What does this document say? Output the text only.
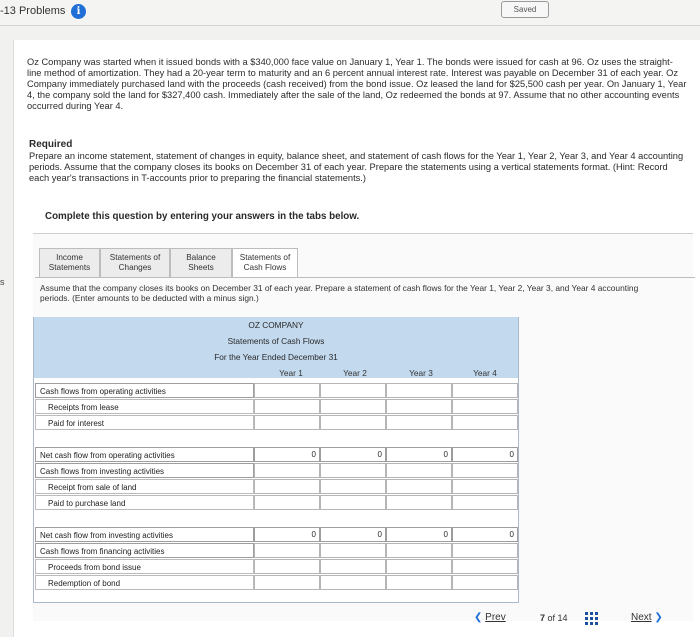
-13 Problems	i	Saved
s

Oz Company was started when it issued bonds with a $340,000 face value on January 1, Year 1. The bonds were issued for cash at 96. Oz uses the straight-line method of amortization. They had a 20-year term to maturity and an 6 percent annual interest rate. Interest was payable on December 31 of each year. Oz Company immediately purchased land with the proceeds (cash received) from the bond issue. Oz leased the land for $25,500 cash per year. On January 1, Year 4, the company sold the land for $327,400 cash. Immediately after the sale of the land, Oz redeemed the bonds at 97. Assume that no other accounting events occurred during Year 4.

Required

Prepare an income statement, statement of changes in equity, balance sheet, and statement of cash flows for the Year 1, Year 2, Year 3, and Year 4 accounting periods. Assume that the company closes its books on December 31 of each year. Prepare the statements using a vertical statements format. (Hint: Record each year's transactions in T-accounts prior to preparing the financial statements.)

Complete this question by entering your answers in the tabs below.
Income
Statements
Statements of
Changes
Balance
Sheets
Statements of
Cash Flows

Assume that the company closes its books on December 31 of each year. Prepare a statement of cash flows for the Year 1, Year 2, Year 3, and Year 4 accounting periods. (Enter amounts to be deducted with a minus sign.)

OZ COMPANY
Statements of Cash Flows
For the Year Ended December 31
Year 1	Year 2	Year 3	Year 4
Cash flows from operating activities
Receipts from lease
Paid for interest
Net cash flow from operating activities	0	0	0	0
Cash flows from investing activities
Receipt from sale of land
Paid to purchase land
Net cash flow from investing activities	0	0	0	0
Cash flows from financing activities
Proceeds from bond issue
Redemption of bond
❮ Prev	7 of 14	Next ❯
